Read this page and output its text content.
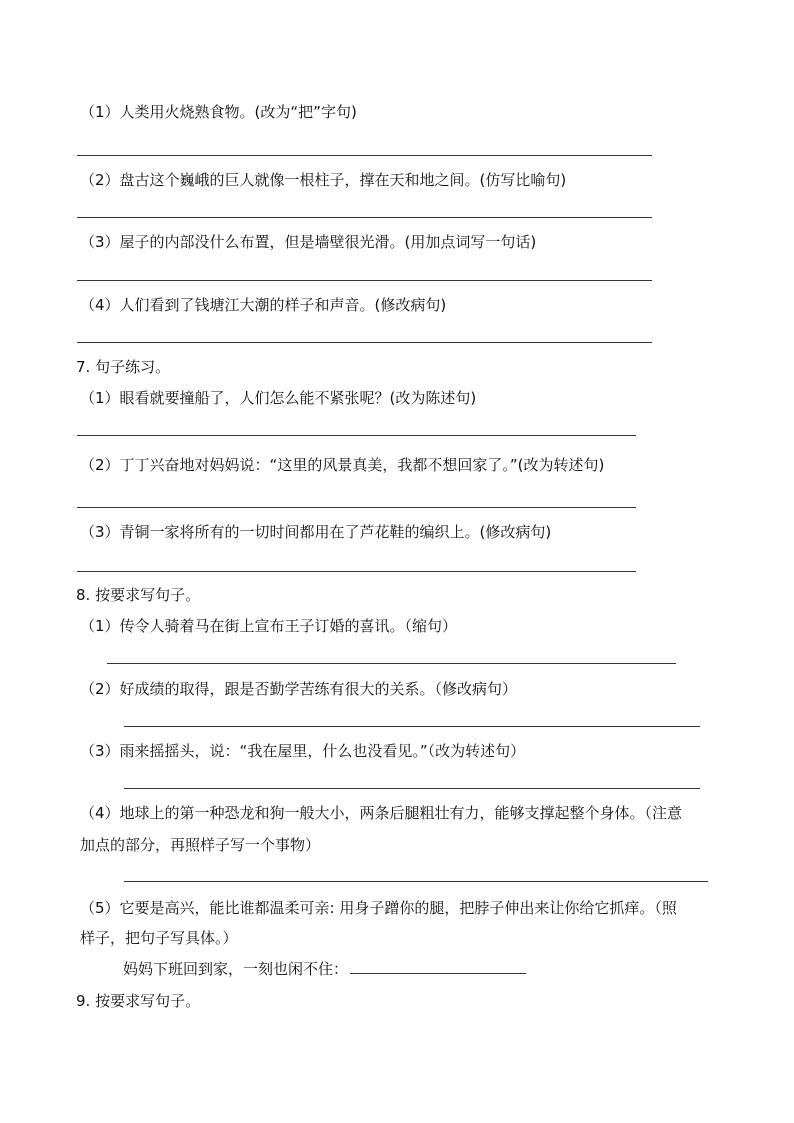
（1）人类用火烧熟食物。(改为“把”字句)
（2）盘古这个巍峨的巨人就像一根柱子，撑在天和地之间。(仿写比喻句)
（3）屋子的内部没什么布置，但是墙壁很光滑。(用加点词写一句话)
（4）人们看到了钱塘江大潮的样子和声音。(修改病句)
7. 句子练习。
（1）眼看就要撞船了，人们怎么能不紧张呢？(改为陈述句)
（2）丁丁兴奋地对妈妈说：“这里的风景真美，我都不想回家了。”(改为转述句)
（3）青铜一家将所有的一切时间都用在了芦花鞋的编织上。(修改病句)
8. 按要求写句子。
（1）传令人骑着马在街上宣布王子订婚的喜讯。（缩句）
（2）好成绩的取得，跟是否勤学苦练有很大的关系。（修改病句）
（3）雨来摇摇头，说：“我在屋里，什么也没看见。”（改为转述句）
（4）地球上的第一种恐龙和狗一般大小，两条后腿粗壮有力，能够支撑起整个身体。（注意
加点的部分，再照样子写一个事物）
（5）它要是高兴，能比谁都温柔可亲: 用身子蹭你的腿，把脖子伸出来让你给它抓痒。（照
样子，把句子写具体。）
妈妈下班回到家，一刻也闲不住：
9. 按要求写句子。
